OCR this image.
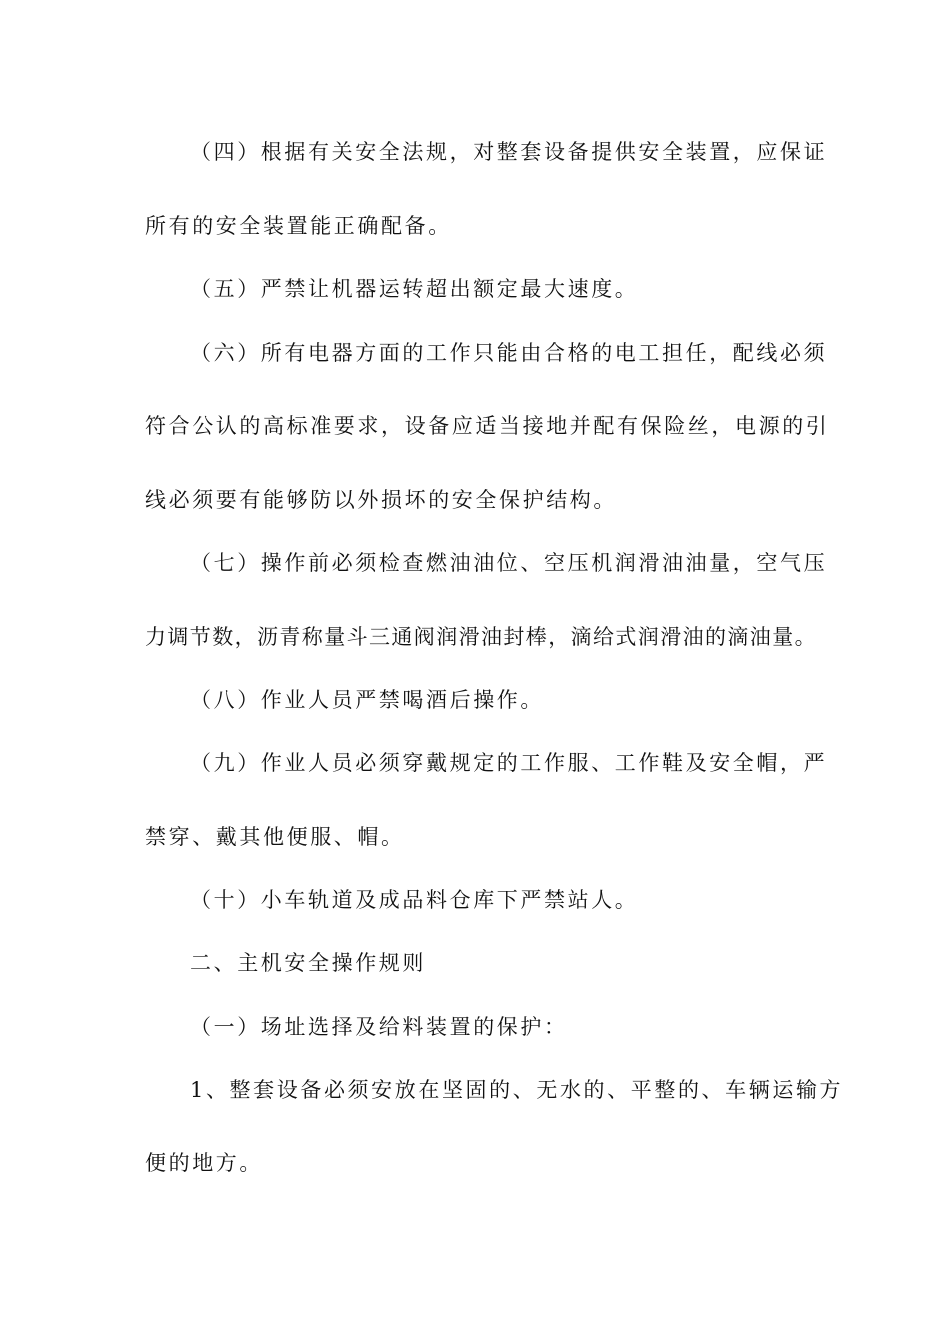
（四）根据有关安全法规，对整套设备提供安全装置，应保证
所有的安全装置能正确配备。
（五）严禁让机器运转超出额定最大速度。
（六）所有电器方面的工作只能由合格的电工担任，配线必须
符合公认的高标准要求，设备应适当接地并配有保险丝，电源的引
线必须要有能够防以外损坏的安全保护结构。
（七）操作前必须检查燃油油位、空压机润滑油油量，空气压
力调节数，沥青称量斗三通阀润滑油封棒，滴给式润滑油的滴油量。
（八）作业人员严禁喝酒后操作。
（九）作业人员必须穿戴规定的工作服、工作鞋及安全帽，严
禁穿、戴其他便服、帽。
（十）小车轨道及成品料仓库下严禁站人。
二、主机安全操作规则
（一）场址选择及给料装置的保护：
1、整套设备必须安放在坚固的、无水的、平整的、车辆运输方
便的地方。
